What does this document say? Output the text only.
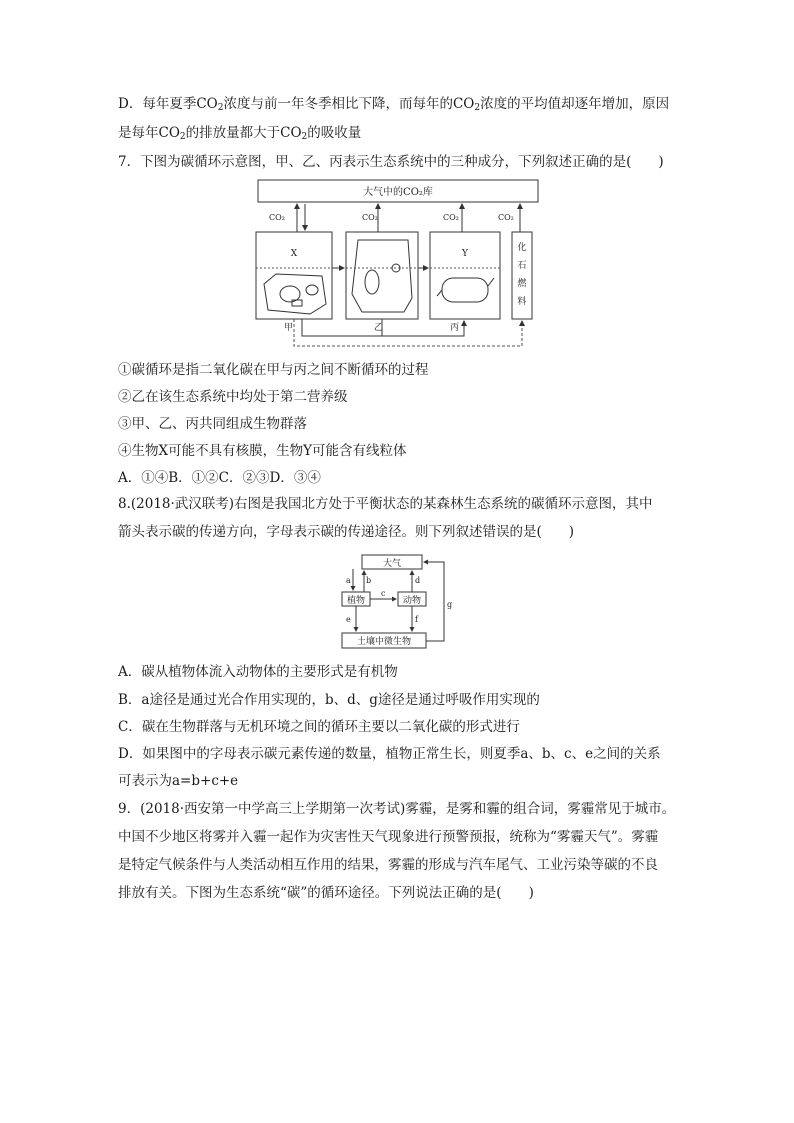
D．每年夏季$CO_2$浓度与前一年冬季相比下降，而每年的$CO_2$浓度的平均值却逐年增加，原因
是每年$CO_2$的排放量都大于$CO_2$的吸收量
7．下图为碳循环示意图，甲、乙、丙表示生态系统中的三种成分，下列叙述正确的是(　　)
大气中的CO₂库
CO₂	CO₂	CO₂	CO₂
X	Y
化
石
燃
料
甲	乙	丙
①碳循环是指二氧化碳在甲与丙之间不断循环的过程
②乙在该生态系统中均处于第二营养级
③甲、乙、丙共同组成生物群落
④生物X可能不具有核膜，生物Y可能含有线粒体
A．①④B．①②C．②③D．③④
8.(2018·武汉联考)右图是我国北方处于平衡状态的某森林生态系统的碳循环示意图，其中
箭头表示碳的传递方向，字母表示碳的传递途径。则下列叙述错误的是(　　)
大气
植物	动物
土壤中微生物
a b	d
c
e	f
g
A．碳从植物体流入动物体的主要形式是有机物
B．a途径是通过光合作用实现的，b、d、g途径是通过呼吸作用实现的
C．碳在生物群落与无机环境之间的循环主要以二氧化碳的形式进行
D．如果图中的字母表示碳元素传递的数量，植物正常生长，则夏季a、b、c、e之间的关系
可表示为a=b+c+e
9．(2018·西安第一中学高三上学期第一次考试)雾霾，是雾和霾的组合词，雾霾常见于城市。
中国不少地区将雾并入霾一起作为灾害性天气现象进行预警预报，统称为“雾霾天气”。雾霾
是特定气候条件与人类活动相互作用的结果，雾霾的形成与汽车尾气、工业污染等碳的不良
排放有关。下图为生态系统“碳”的循环途径。下列说法正确的是(　　)
